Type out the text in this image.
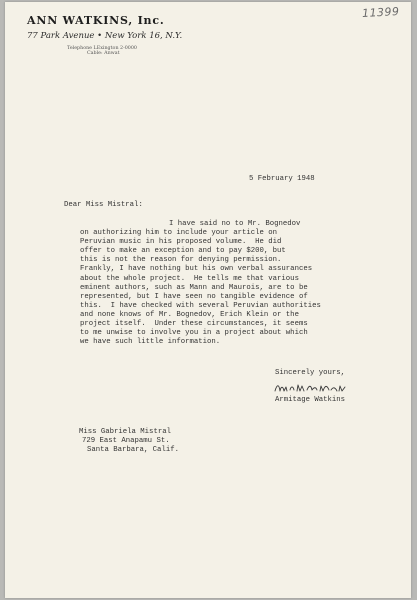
11399
ANN WATKINS, Inc.
77 Park Avenue • New York 16, N.Y.
Telephone LExington 2-0000
Cable: Anwat
5 February 1948
Dear Miss Mistral:
I have said no to Mr. Bognedov
on authorizing him to include your article on
Peruvian music in his proposed volume.  He did
offer to make an exception and to pay $200, but
this is not the reason for denying permission.
Frankly, I have nothing but his own verbal assurances
about the whole project.  He tells me that various
eminent authors, such as Mann and Maurois, are to be
represented, but I have seen no tangible evidence of
this.  I have checked with several Peruvian authorities
and none knows of Mr. Bognedov, Erich Klein or the
project itself.  Under these circumstances, it seems
to me unwise to involve you in a project about which
we have such little information.
Sincerely yours,
Armitage Watkins
Miss Gabriela Mistral
729 East Anapamu St.
Santa Barbara, Calif.
